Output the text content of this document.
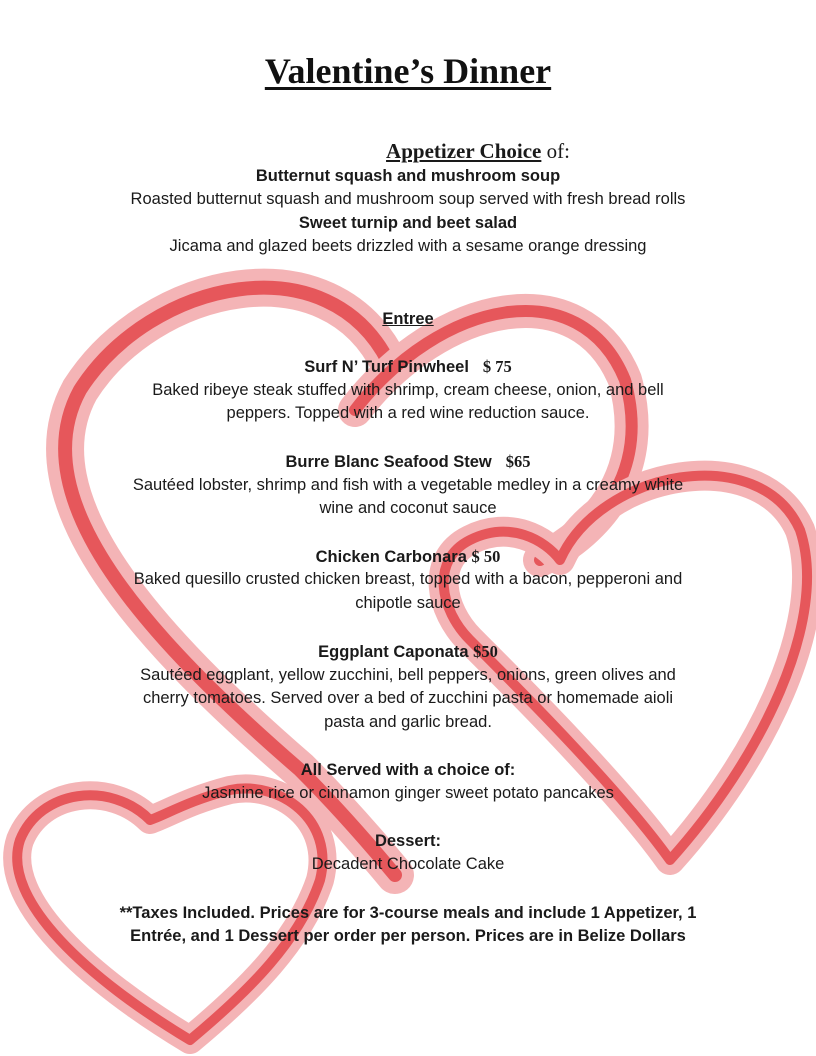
Valentine’s Dinner
Appetizer Choice of:
Butternut squash and mushroom soup
Roasted butternut squash and mushroom soup served with fresh bread rolls
Sweet turnip and beet salad
Jicama and glazed beets drizzled with a sesame orange dressing
Entree
Surf N’ Turf Pinwheel $ 75
Baked ribeye steak stuffed with shrimp, cream cheese, onion, and bell
peppers. Topped with a red wine reduction sauce.
Burre Blanc Seafood Stew $65
Sautéed lobster, shrimp and fish with a vegetable medley in a creamy white
wine and coconut sauce
Chicken Carbonara $ 50
Baked quesillo crusted chicken breast, topped with a bacon, pepperoni and
chipotle sauce
Eggplant Caponata $50
Sautéed eggplant, yellow zucchini, bell peppers, onions, green olives and
cherry tomatoes. Served over a bed of zucchini pasta or homemade aioli
pasta and garlic bread.
All Served with a choice of:
Jasmine rice or cinnamon ginger sweet potato pancakes
Dessert:
Decadent Chocolate Cake
**Taxes Included. Prices are for 3-course meals and include 1 Appetizer, 1
Entrée, and 1 Dessert per order per person. Prices are in Belize Dollars
